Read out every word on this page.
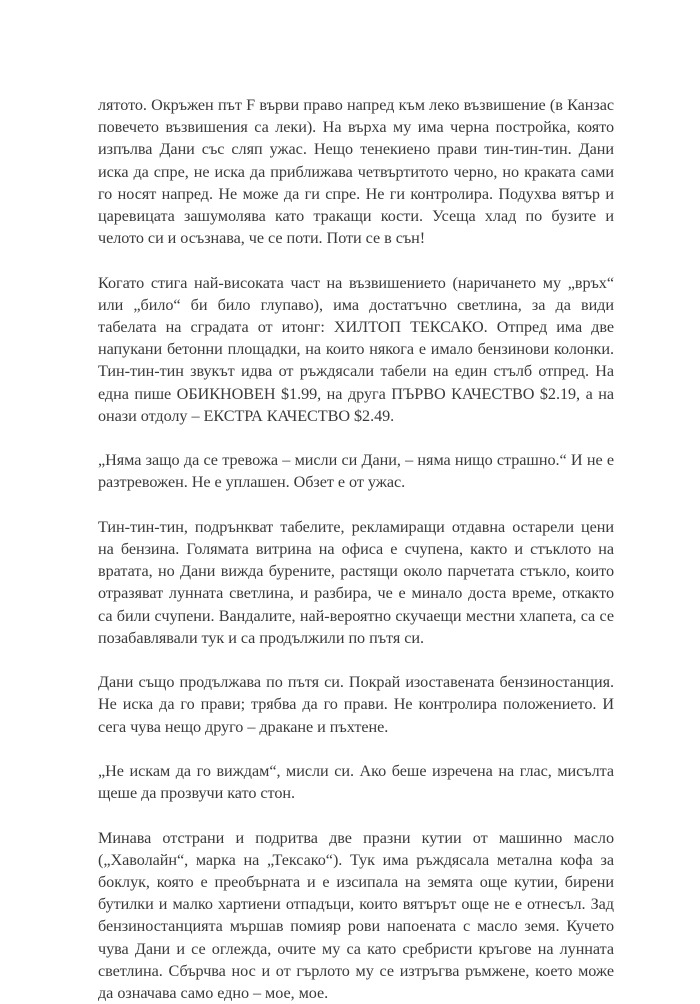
лятото. Окръжен път F върви право напред към леко възвишение (в Канзас повечето възвишения са леки). На върха му има черна постройка, която изпълва Дани със сляп ужас. Нещо тенекиено прави тин-тин-тин. Дани иска да спре, не иска да приближава четвъртитото черно, но краката сами го носят напред. Не може да ги спре. Не ги контролира. Подухва вятър и царевицата зашумолява като тракащи кости. Усеща хлад по бузите и челото си и осъзнава, че се поти. Поти се в сън!

Когато стига най-високата част на възвишението (наричането му „връх“ или „било“ би било глупаво), има достатъчно светлина, за да види табелата на сградата от итонг: ХИЛТОП ТЕКСАКО. Отпред има две напукани бетонни площадки, на които някога е имало бензинови колонки. Тин-тин-тин звукът идва от ръждясали табели на един стълб отпред. На една пише ОБИКНОВЕН $1.99, на друга ПЪРВО КАЧЕСТВО $2.19, а на онази отдолу – ЕКСТРА КАЧЕСТВО $2.49.

„Няма защо да се тревожа – мисли си Дани, – няма нищо страшно.“ И не е разтревожен. Не е уплашен. Обзет е от ужас.

Тин-тин-тин, подрънкват табелите, рекламиращи отдавна остарели цени на бензина. Голямата витрина на офиса е счупена, както и стъклото на вратата, но Дани вижда бурените, растящи около парчетата стъкло, които отразяват лунната светлина, и разбира, че е минало доста време, откакто са били счупени. Вандалите, най-вероятно скучаещи местни хлапета, са се позабавлявали тук и са продължили по пътя си.

Дани също продължава по пътя си. Покрай изоставената бензиностанция. Не иска да го прави; трябва да го прави. Не контролира положението. И сега чува нещо друго – дракане и пъхтене.

„Не искам да го виждам“, мисли си. Ако беше изречена на глас, мисълта щеше да прозвучи като стон.

Минава отстрани и подритва две празни кутии от машинно масло („Хаволайн“, марка на „Тексако“). Тук има ръждясала метална кофа за боклук, която е преобърната и е изсипала на земята още кутии, бирени бутилки и малко хартиени отпадъци, които вятърът още не е отнесъл. Зад бензиностанцията мършав помияр рови напоената с масло земя. Кучето чува Дани и се оглежда, очите му са като сребристи кръгове на лунната светлина. Сбърчва нос и от гърлото му се изтръгва ръмжене, което може да означава само едно – мое, мое.
